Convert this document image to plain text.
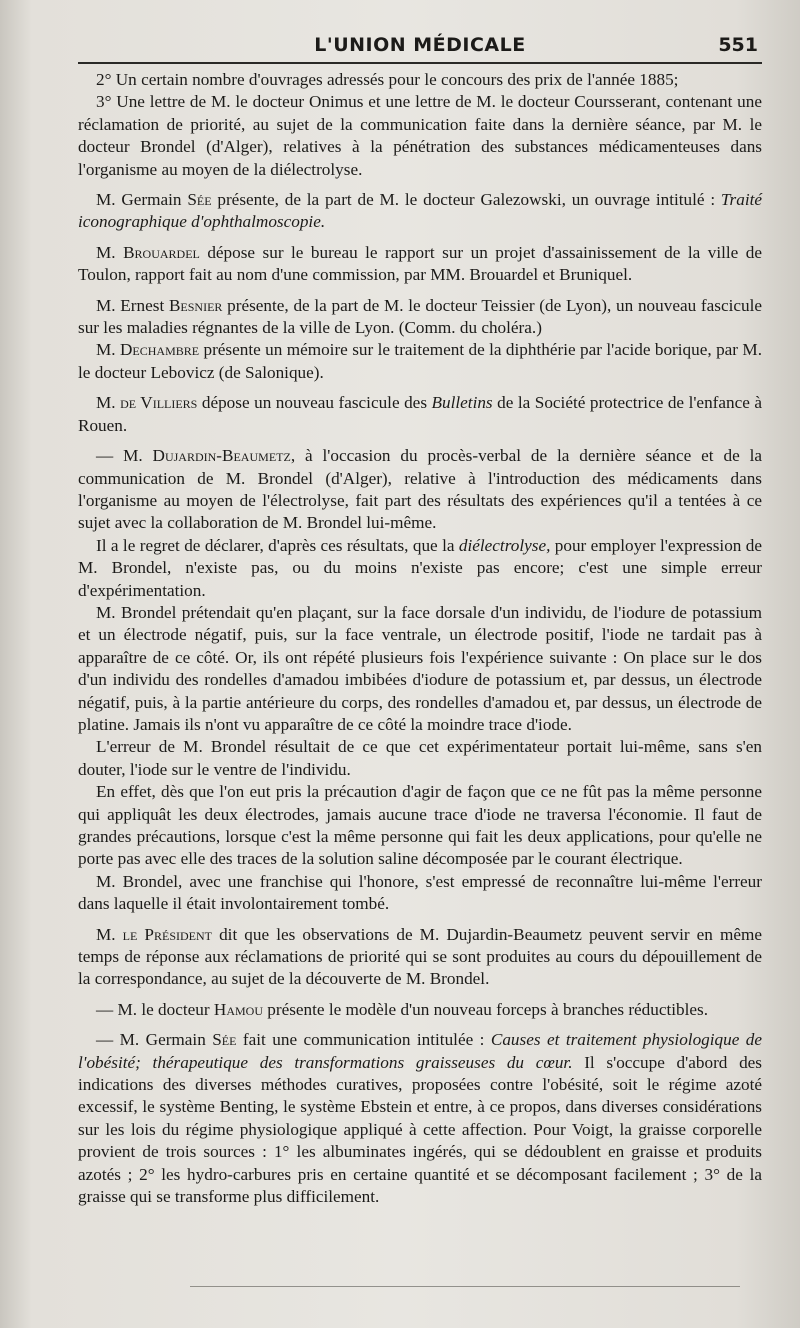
L'UNION MÉDICALE	551

2° Un certain nombre d'ouvrages adressés pour le concours des prix de l'année 1885;

3° Une lettre de M. le docteur Onimus et une lettre de M. le docteur Coursserant, contenant une réclamation de priorité, au sujet de la communication faite dans la dernière séance, par M. le docteur Brondel (d'Alger), relatives à la pénétration des substances médicamenteuses dans l'organisme au moyen de la diélectrolyse.

M. Germain Sée présente, de la part de M. le docteur Galezowski, un ouvrage intitulé : Traité iconographique d'ophthalmoscopie.

M. Brouardel dépose sur le bureau le rapport sur un projet d'assainissement de la ville de Toulon, rapport fait au nom d'une commission, par MM. Brouardel et Bruniquel.

M. Ernest Besnier présente, de la part de M. le docteur Teissier (de Lyon), un nouveau fascicule sur les maladies régnantes de la ville de Lyon. (Comm. du choléra.)

M. Dechambre présente un mémoire sur le traitement de la diphthérie par l'acide borique, par M. le docteur Lebovicz (de Salonique).

M. de Villiers dépose un nouveau fascicule des Bulletins de la Société protectrice de l'enfance à Rouen.

— M. Dujardin-Beaumetz, à l'occasion du procès-verbal de la dernière séance et de la communication de M. Brondel (d'Alger), relative à l'introduction des médicaments dans l'organisme au moyen de l'électrolyse, fait part des résultats des expériences qu'il a tentées à ce sujet avec la collaboration de M. Brondel lui-même.

Il a le regret de déclarer, d'après ces résultats, que la diélectrolyse, pour employer l'expression de M. Brondel, n'existe pas, ou du moins n'existe pas encore; c'est une simple erreur d'expérimentation.

M. Brondel prétendait qu'en plaçant, sur la face dorsale d'un individu, de l'iodure de potassium et un électrode négatif, puis, sur la face ventrale, un électrode positif, l'iode ne tardait pas à apparaître de ce côté. Or, ils ont répété plusieurs fois l'expérience suivante : On place sur le dos d'un individu des rondelles d'amadou imbibées d'iodure de potassium et, par dessus, un électrode négatif, puis, à la partie antérieure du corps, des rondelles d'amadou et, par dessus, un électrode de platine. Jamais ils n'ont vu apparaître de ce côté la moindre trace d'iode.

L'erreur de M. Brondel résultait de ce que cet expérimentateur portait lui-même, sans s'en douter, l'iode sur le ventre de l'individu.

En effet, dès que l'on eut pris la précaution d'agir de façon que ce ne fût pas la même personne qui appliquât les deux électrodes, jamais aucune trace d'iode ne traversa l'économie. Il faut de grandes précautions, lorsque c'est la même personne qui fait les deux applications, pour qu'elle ne porte pas avec elle des traces de la solution saline décomposée par le courant électrique.

M. Brondel, avec une franchise qui l'honore, s'est empressé de reconnaître lui-même l'erreur dans laquelle il était involontairement tombé.

M. le Président dit que les observations de M. Dujardin-Beaumetz peuvent servir en même temps de réponse aux réclamations de priorité qui se sont produites au cours du dépouillement de la correspondance, au sujet de la découverte de M. Brondel.

— M. le docteur Hamou présente le modèle d'un nouveau forceps à branches réductibles.

— M. Germain Sée fait une communication intitulée : Causes et traitement physiologique de l'obésité; thérapeutique des transformations graisseuses du cœur. Il s'occupe d'abord des indications des diverses méthodes curatives, proposées contre l'obésité, soit le régime azoté excessif, le système Benting, le système Ebstein et entre, à ce propos, dans diverses considérations sur les lois du régime physiologique appliqué à cette affection. Pour Voigt, la graisse corporelle provient de trois sources : 1° les albuminates ingérés, qui se dédoublent en graisse et produits azotés ; 2° les hydro-carbures pris en certaine quantité et se décomposant facilement ; 3° de la graisse qui se transforme plus difficilement.
